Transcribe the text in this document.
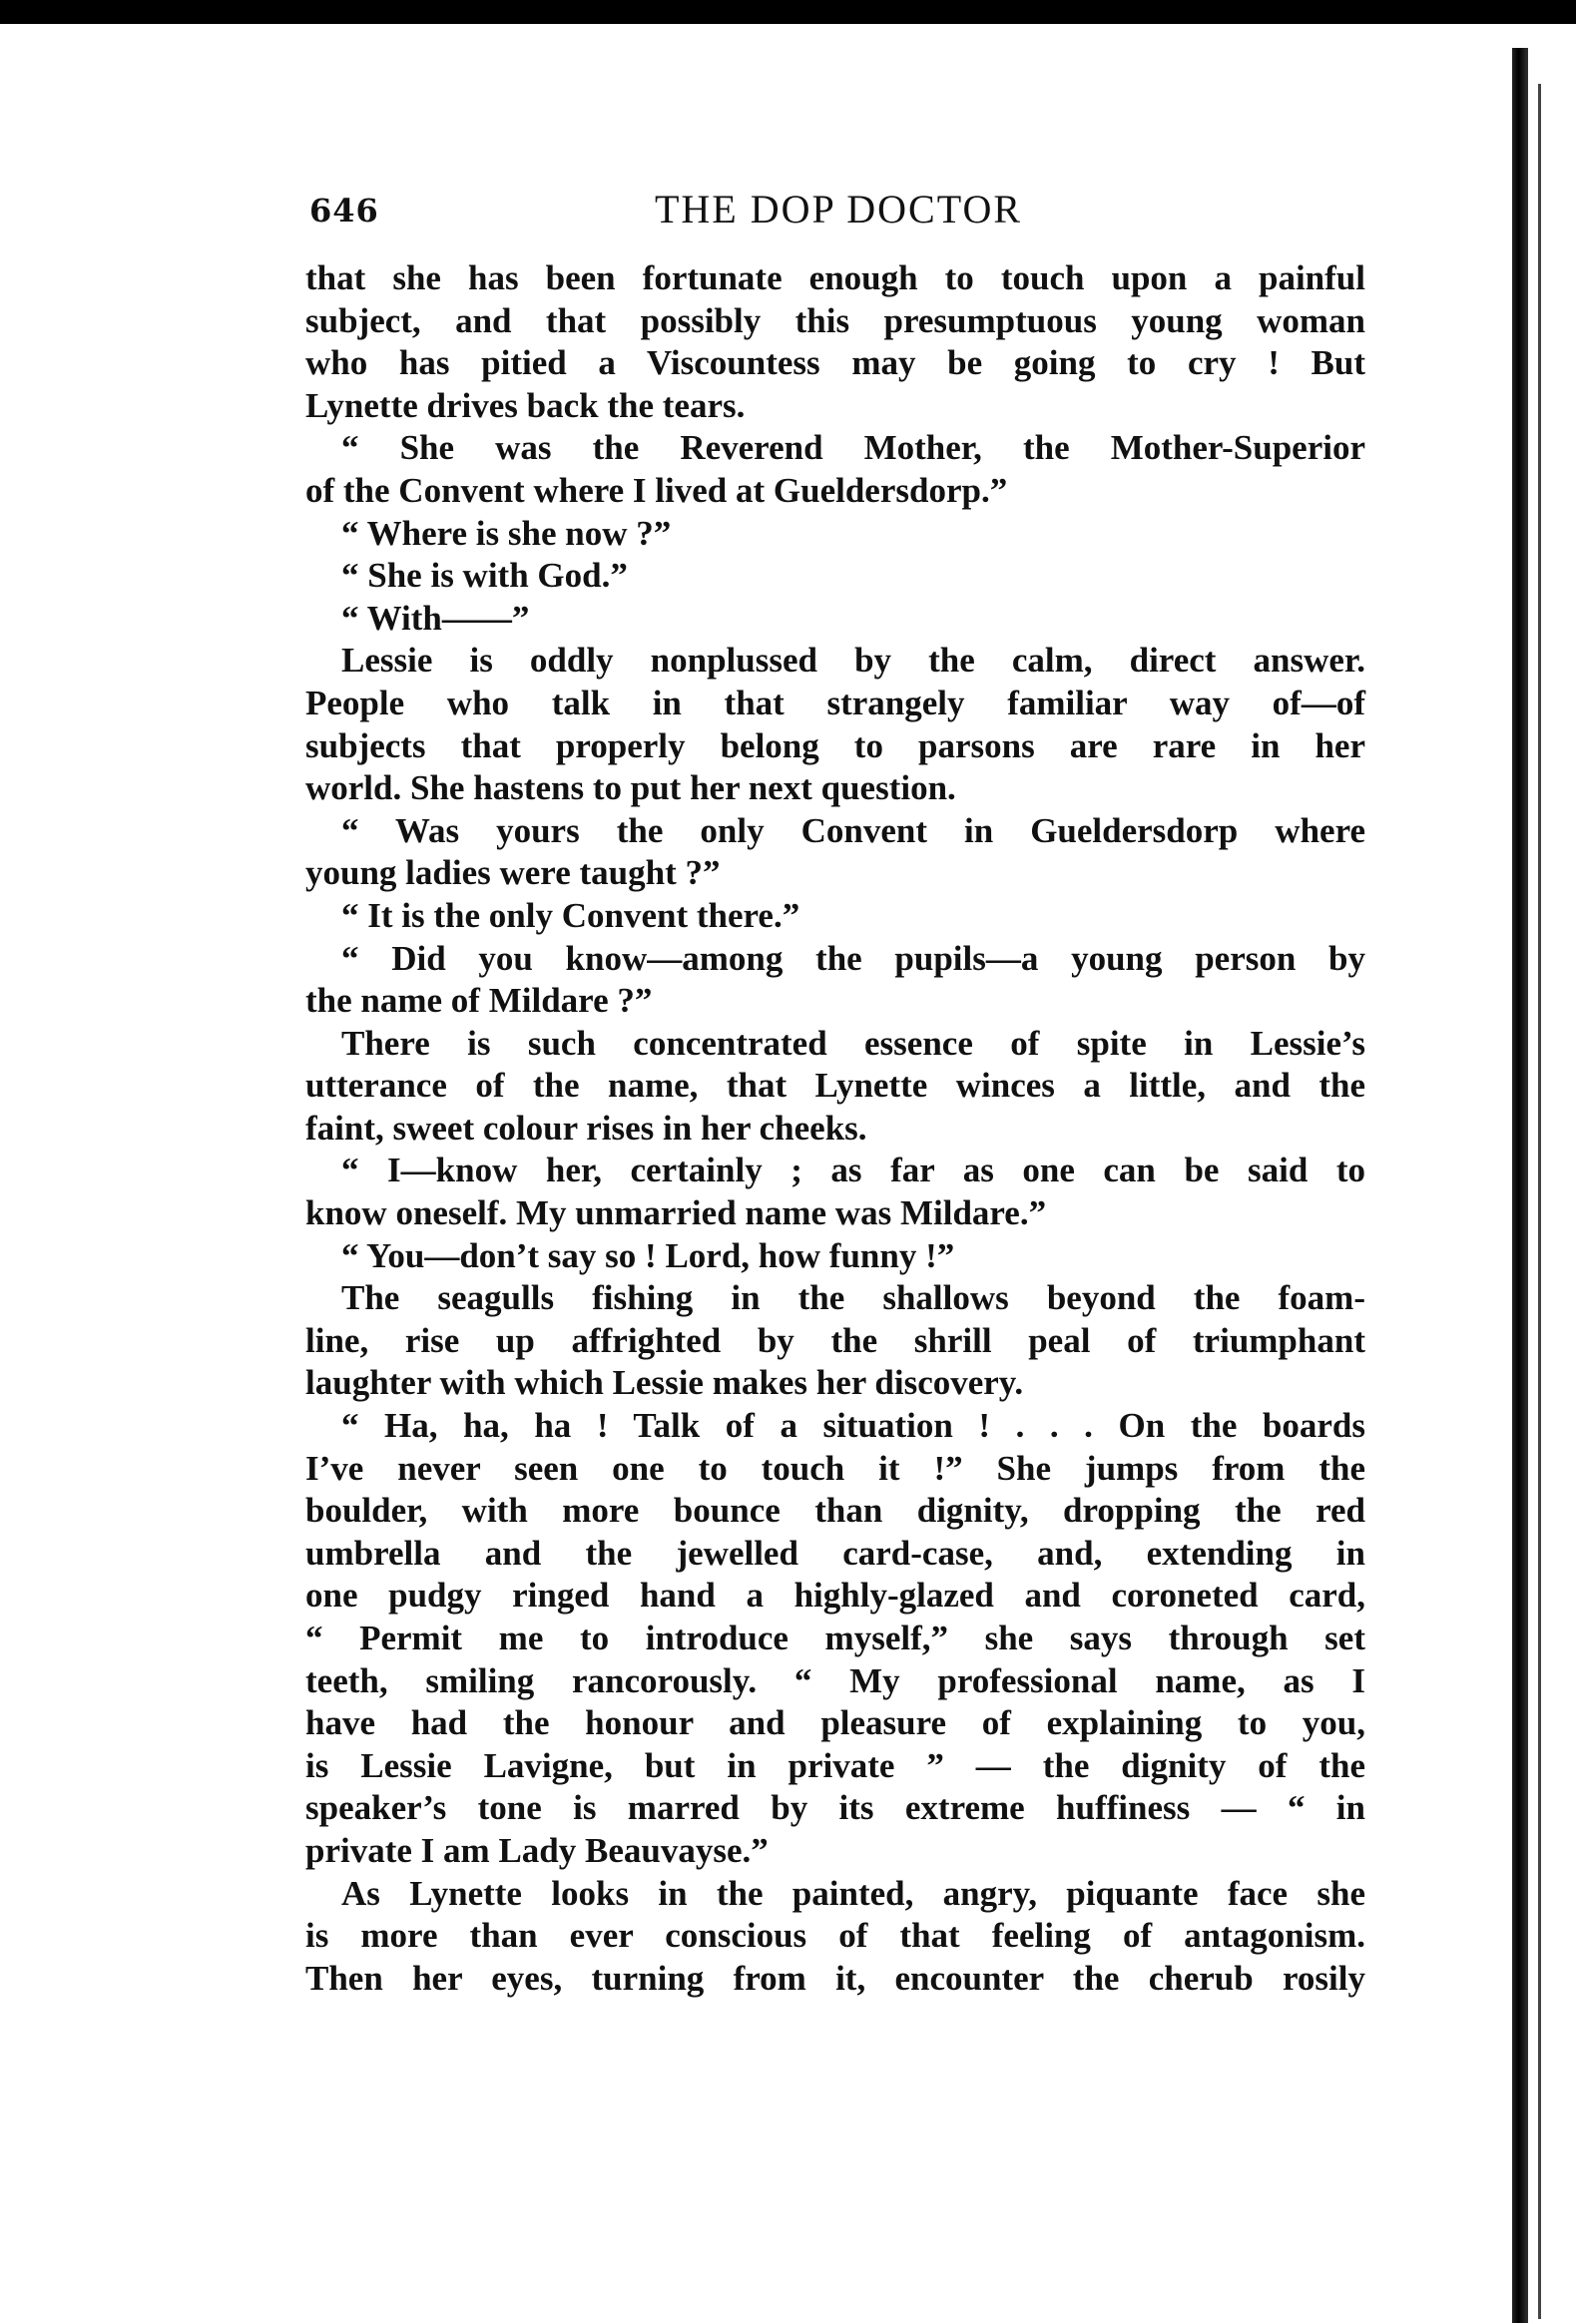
646	THE DOP DOCTOR
that she has been fortunate enough to touch upon a painful
subject, and that possibly this presumptuous young woman
who has pitied a Viscountess may be going to cry ! But
Lynette drives back the tears.
“ She was the Reverend Mother, the Mother-Superior
of the Convent where I lived at Gueldersdorp.”
“ Where is she now ?”
“ She is with God.”
“ With——”
Lessie is oddly nonplussed by the calm, direct answer.
People who talk in that strangely familiar way of—of
subjects that properly belong to parsons are rare in her
world. She hastens to put her next question.
“ Was yours the only Convent in Gueldersdorp where
young ladies were taught ?”
“ It is the only Convent there.”
“ Did you know—among the pupils—a young person by
the name of Mildare ?”
There is such concentrated essence of spite in Lessie’s
utterance of the name, that Lynette winces a little, and the
faint, sweet colour rises in her cheeks.
“ I—know her, certainly ; as far as one can be said to
know oneself. My unmarried name was Mildare.”
“ You—don’t say so ! Lord, how funny !”
The seagulls fishing in the shallows beyond the foam-
line, rise up affrighted by the shrill peal of triumphant
laughter with which Lessie makes her discovery.
“ Ha, ha, ha ! Talk of a situation ! . . . On the boards
I’ve never seen one to touch it !” She jumps from the
boulder, with more bounce than dignity, dropping the red
umbrella and the jewelled card-case, and, extending in
one pudgy ringed hand a highly-glazed and coroneted card,
“ Permit me to introduce myself,” she says through set
teeth, smiling rancorously. “ My professional name, as I
have had the honour and pleasure of explaining to you,
is Lessie Lavigne, but in private ” — the dignity of the
speaker’s tone is marred by its extreme huffiness — “ in
private I am Lady Beauvayse.”
As Lynette looks in the painted, angry, piquante face she
is more than ever conscious of that feeling of antagonism.
Then her eyes, turning from it, encounter the cherub rosily
